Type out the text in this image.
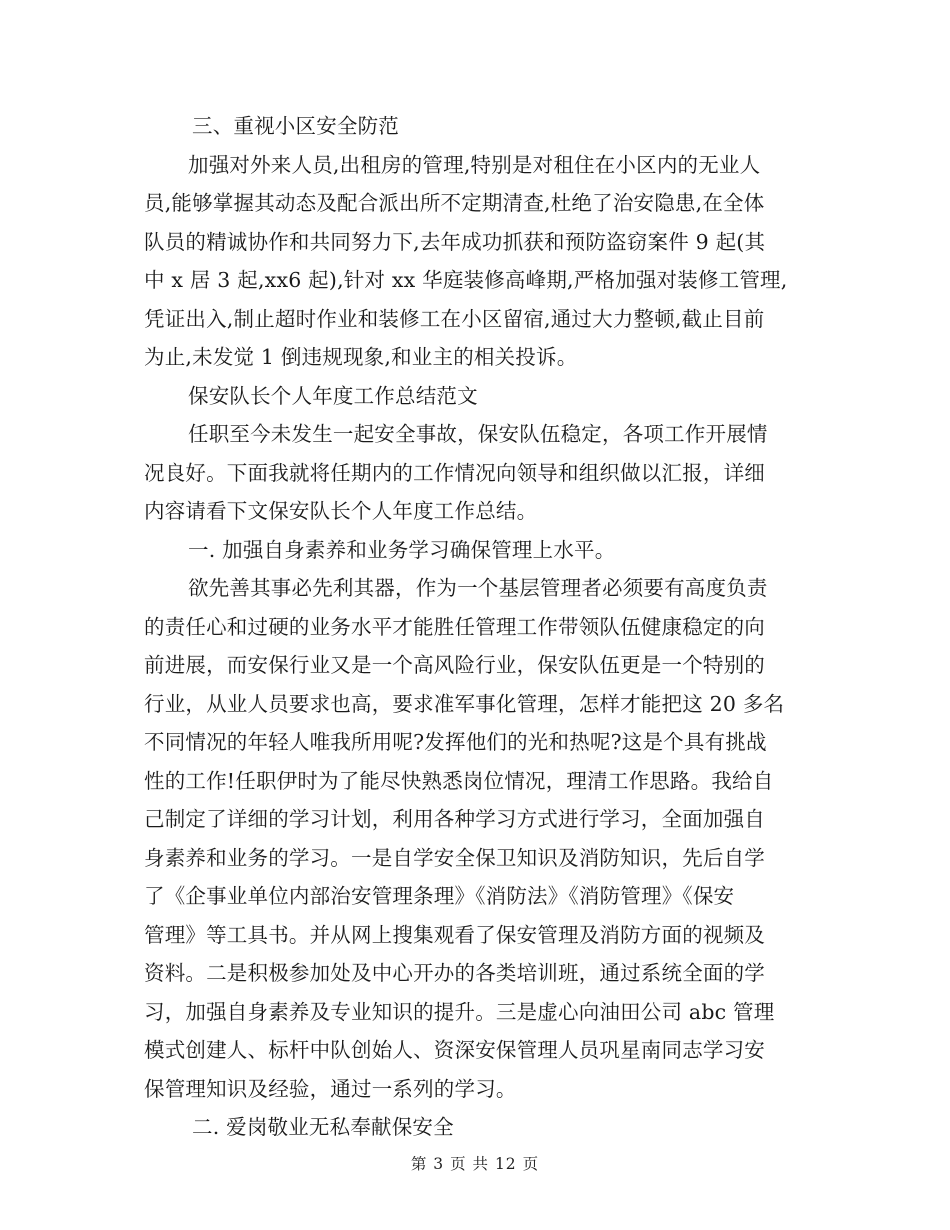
三、重视小区安全防范
加强对外来人员,出租房的管理,特别是对租住在小区内的无业人
员,能够掌握其动态及配合派出所不定期清查,杜绝了治安隐患,在全体
队员的精诚协作和共同努力下,去年成功抓获和预防盗窃案件 9 起(其
中 x 居 3 起,xx6 起),针对 xx 华庭装修高峰期,严格加强对装修工管理,
凭证出入,制止超时作业和装修工在小区留宿,通过大力整顿,截止目前
为止,未发觉 1 倒违规现象,和业主的相关投诉。
保安队长个人年度工作总结范文
任职至今未发生一起安全事故，保安队伍稳定，各项工作开展情
况良好。下面我就将任期内的工作情况向领导和组织做以汇报，详细
内容请看下文保安队长个人年度工作总结。
一. 加强自身素养和业务学习确保管理上水平。
欲先善其事必先利其器，作为一个基层管理者必须要有高度负责
的责任心和过硬的业务水平才能胜任管理工作带领队伍健康稳定的向
前进展，而安保行业又是一个高风险行业，保安队伍更是一个特别的
行业，从业人员要求也高，要求准军事化管理，怎样才能把这 20 多名
不同情况的年轻人唯我所用呢?发挥他们的光和热呢?这是个具有挑战
性的工作!任职伊时为了能尽快熟悉岗位情况，理清工作思路。我给自
己制定了详细的学习计划，利用各种学习方式进行学习，全面加强自
身素养和业务的学习。一是自学安全保卫知识及消防知识，先后自学
了《企事业单位内部治安管理条理》《消防法》《消防管理》《保安
管理》等工具书。并从网上搜集观看了保安管理及消防方面的视频及
资料。二是积极参加处及中心开办的各类培训班，通过系统全面的学
习，加强自身素养及专业知识的提升。三是虚心向油田公司 abc 管理
模式创建人、标杆中队创始人、资深安保管理人员巩星南同志学习安
保管理知识及经验，通过一系列的学习。
二. 爱岗敬业无私奉献保安全
第 3 页 共 12 页
